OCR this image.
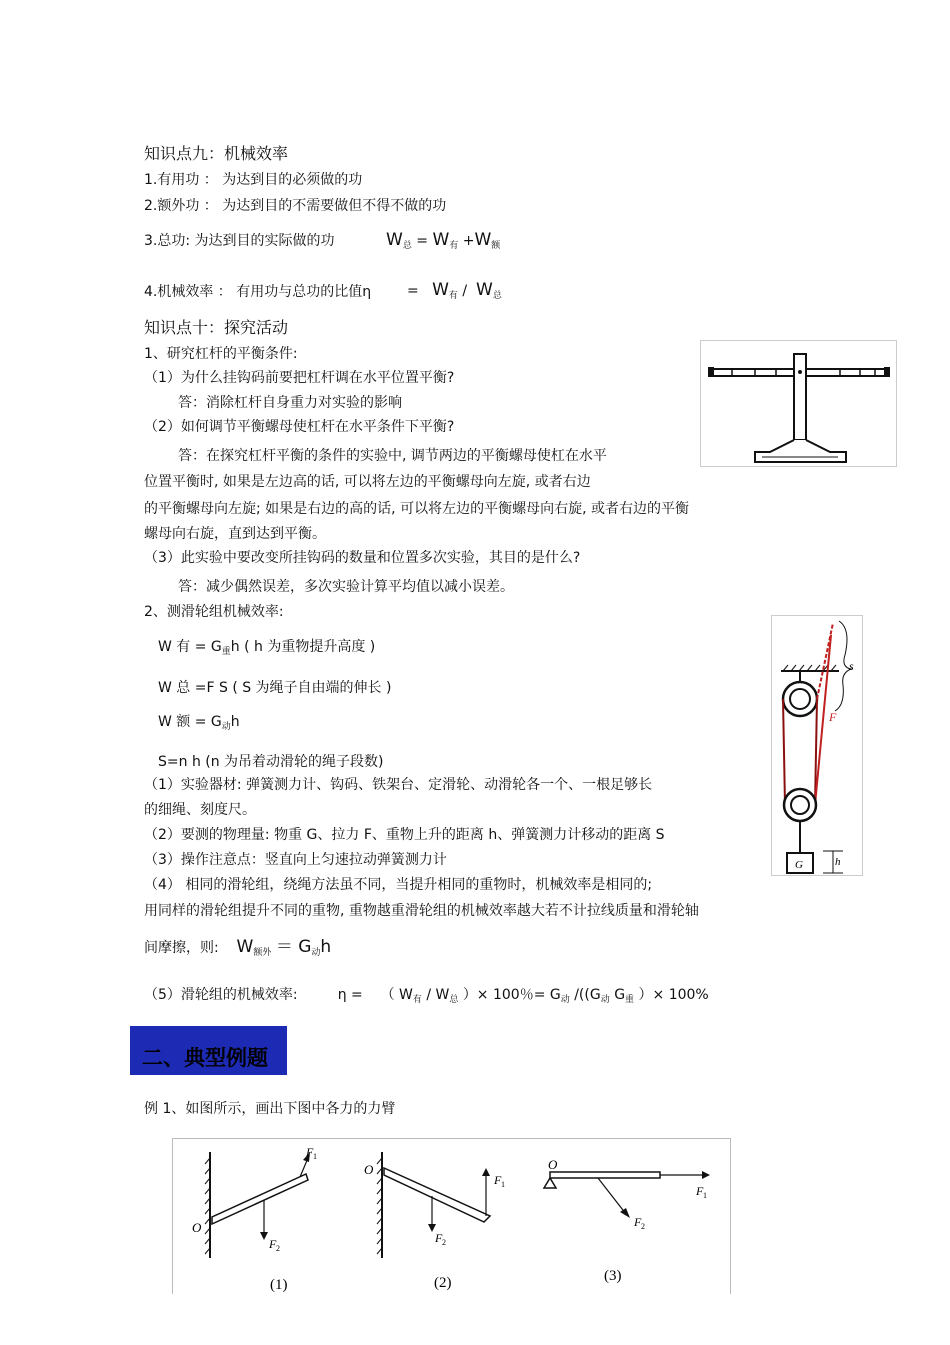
知识点九：机械效率
1.有用功 ： 为达到目的必须做的功
2.额外功 ： 为达到目的不需要做但不得不做的功
3.总功: 为达到目的实际做的功	$W_总 = W_有 +W_额$
4.机械效率 ： 有用功与总功的比值η	= $W_有 / W_总$
知识点十：探究活动
1、研究杠杆的平衡条件:
（1）为什么挂钩码前要把杠杆调在水平位置平衡?
答：消除杠杆自身重力对实验的影响
（2）如何调节平衡螺母使杠杆在水平条件下平衡?
答：在探究杠杆平衡的条件的实验中, 调节两边的平衡螺母使杠在水平
位置平衡时, 如果是左边高的话, 可以将左边的平衡螺母向左旋, 或者右边
的平衡螺母向左旋; 如果是右边的高的话, 可以将左边的平衡螺母向右旋, 或者右边的平衡
螺母向右旋，直到达到平衡。
（3）此实验中要改变所挂钩码的数量和位置多次实验，其目的是什么?
答：减少偶然误差，多次实验计算平均值以减小误差。
2、测滑轮组机械效率:
W 有 = $G_重h$ ( h 为重物提升高度 )
W 总 =F S ( S 为绳子自由端的伸长 )
W 额 = $G_动h$
S=n h (n 为吊着动滑轮的绳子段数)
（1）实验器材: 弹簧测力计、钩码、铁架台、定滑轮、动滑轮各一个、一根足够长
的细绳、刻度尺。
（2）要测的物理量: 物重 G、拉力 F、重物上升的距离 h、弹簧测力计移动的距离 S
（3）操作注意点：竖直向上匀速拉动弹簧测力计
（4） 相同的滑轮组，绕绳方法虽不同，当提升相同的重物时，机械效率是相同的;
用同样的滑轮组提升不同的重物, 重物越重滑轮组的机械效率越大若不计拉线质量和滑轮轴
间摩擦，则: $W_{额外} = G_动h$
（5）滑轮组的机械效率:	η = （ $W_有 / W_总$ ）× 100％= $G_动$ $/((G_动$ $G_重$ ）× 100%
s
F
G	h
二、典型例题
例 1、如图所示，画出下图中各力的力臂
O
F 1
F 2
(1)
O
F 1
F 2
(2)
O
F 1
F 2
(3)
